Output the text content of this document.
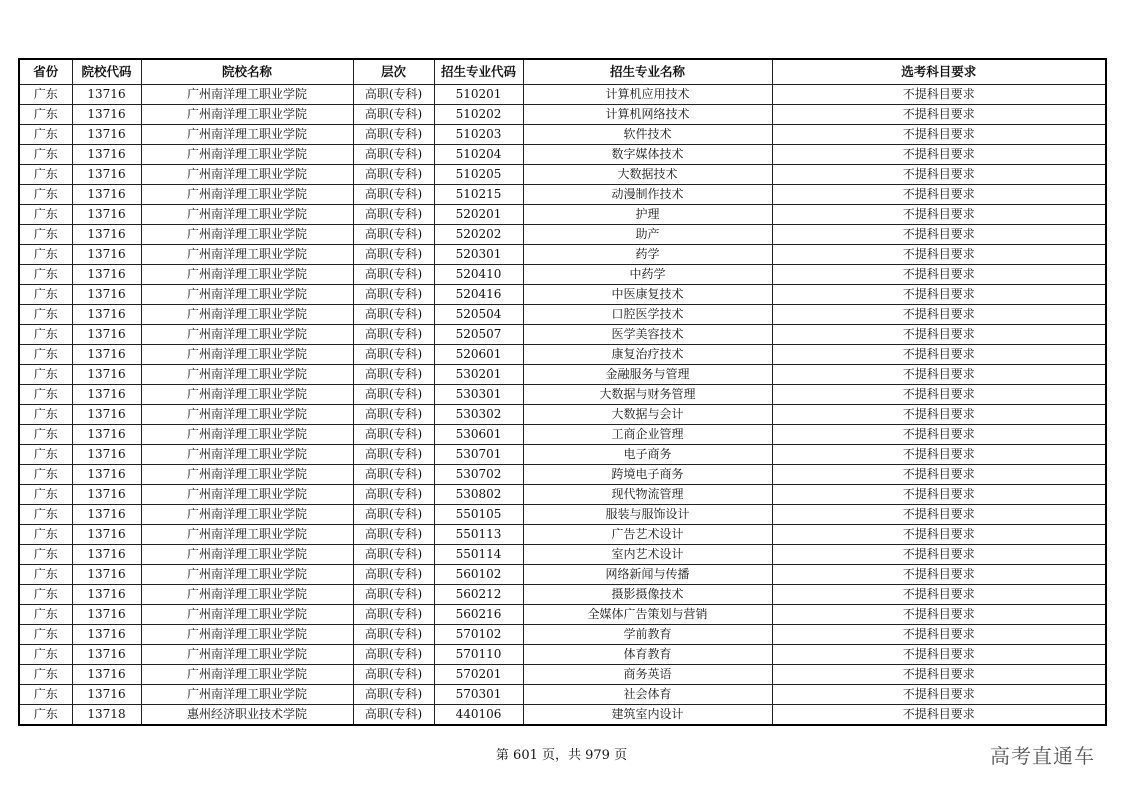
省份	院校代码	院校名称	层次	招生专业代码	招生专业名称	选考科目要求
广东	13716	广州南洋理工职业学院	高职(专科)	510201	计算机应用技术	不提科目要求
广东	13716	广州南洋理工职业学院	高职(专科)	510202	计算机网络技术	不提科目要求
广东	13716	广州南洋理工职业学院	高职(专科)	510203	软件技术	不提科目要求
广东	13716	广州南洋理工职业学院	高职(专科)	510204	数字媒体技术	不提科目要求
广东	13716	广州南洋理工职业学院	高职(专科)	510205	大数据技术	不提科目要求
广东	13716	广州南洋理工职业学院	高职(专科)	510215	动漫制作技术	不提科目要求
广东	13716	广州南洋理工职业学院	高职(专科)	520201	护理	不提科目要求
广东	13716	广州南洋理工职业学院	高职(专科)	520202	助产	不提科目要求
广东	13716	广州南洋理工职业学院	高职(专科)	520301	药学	不提科目要求
广东	13716	广州南洋理工职业学院	高职(专科)	520410	中药学	不提科目要求
广东	13716	广州南洋理工职业学院	高职(专科)	520416	中医康复技术	不提科目要求
广东	13716	广州南洋理工职业学院	高职(专科)	520504	口腔医学技术	不提科目要求
广东	13716	广州南洋理工职业学院	高职(专科)	520507	医学美容技术	不提科目要求
广东	13716	广州南洋理工职业学院	高职(专科)	520601	康复治疗技术	不提科目要求
广东	13716	广州南洋理工职业学院	高职(专科)	530201	金融服务与管理	不提科目要求
广东	13716	广州南洋理工职业学院	高职(专科)	530301	大数据与财务管理	不提科目要求
广东	13716	广州南洋理工职业学院	高职(专科)	530302	大数据与会计	不提科目要求
广东	13716	广州南洋理工职业学院	高职(专科)	530601	工商企业管理	不提科目要求
广东	13716	广州南洋理工职业学院	高职(专科)	530701	电子商务	不提科目要求
广东	13716	广州南洋理工职业学院	高职(专科)	530702	跨境电子商务	不提科目要求
广东	13716	广州南洋理工职业学院	高职(专科)	530802	现代物流管理	不提科目要求
广东	13716	广州南洋理工职业学院	高职(专科)	550105	服装与服饰设计	不提科目要求
广东	13716	广州南洋理工职业学院	高职(专科)	550113	广告艺术设计	不提科目要求
广东	13716	广州南洋理工职业学院	高职(专科)	550114	室内艺术设计	不提科目要求
广东	13716	广州南洋理工职业学院	高职(专科)	560102	网络新闻与传播	不提科目要求
广东	13716	广州南洋理工职业学院	高职(专科)	560212	摄影摄像技术	不提科目要求
广东	13716	广州南洋理工职业学院	高职(专科)	560216	全媒体广告策划与营销	不提科目要求
广东	13716	广州南洋理工职业学院	高职(专科)	570102	学前教育	不提科目要求
广东	13716	广州南洋理工职业学院	高职(专科)	570110	体育教育	不提科目要求
广东	13716	广州南洋理工职业学院	高职(专科)	570201	商务英语	不提科目要求
广东	13716	广州南洋理工职业学院	高职(专科)	570301	社会体育	不提科目要求
广东	13718	惠州经济职业技术学院	高职(专科)	440106	建筑室内设计	不提科目要求
第 601 页，共 979 页	高考直通车
